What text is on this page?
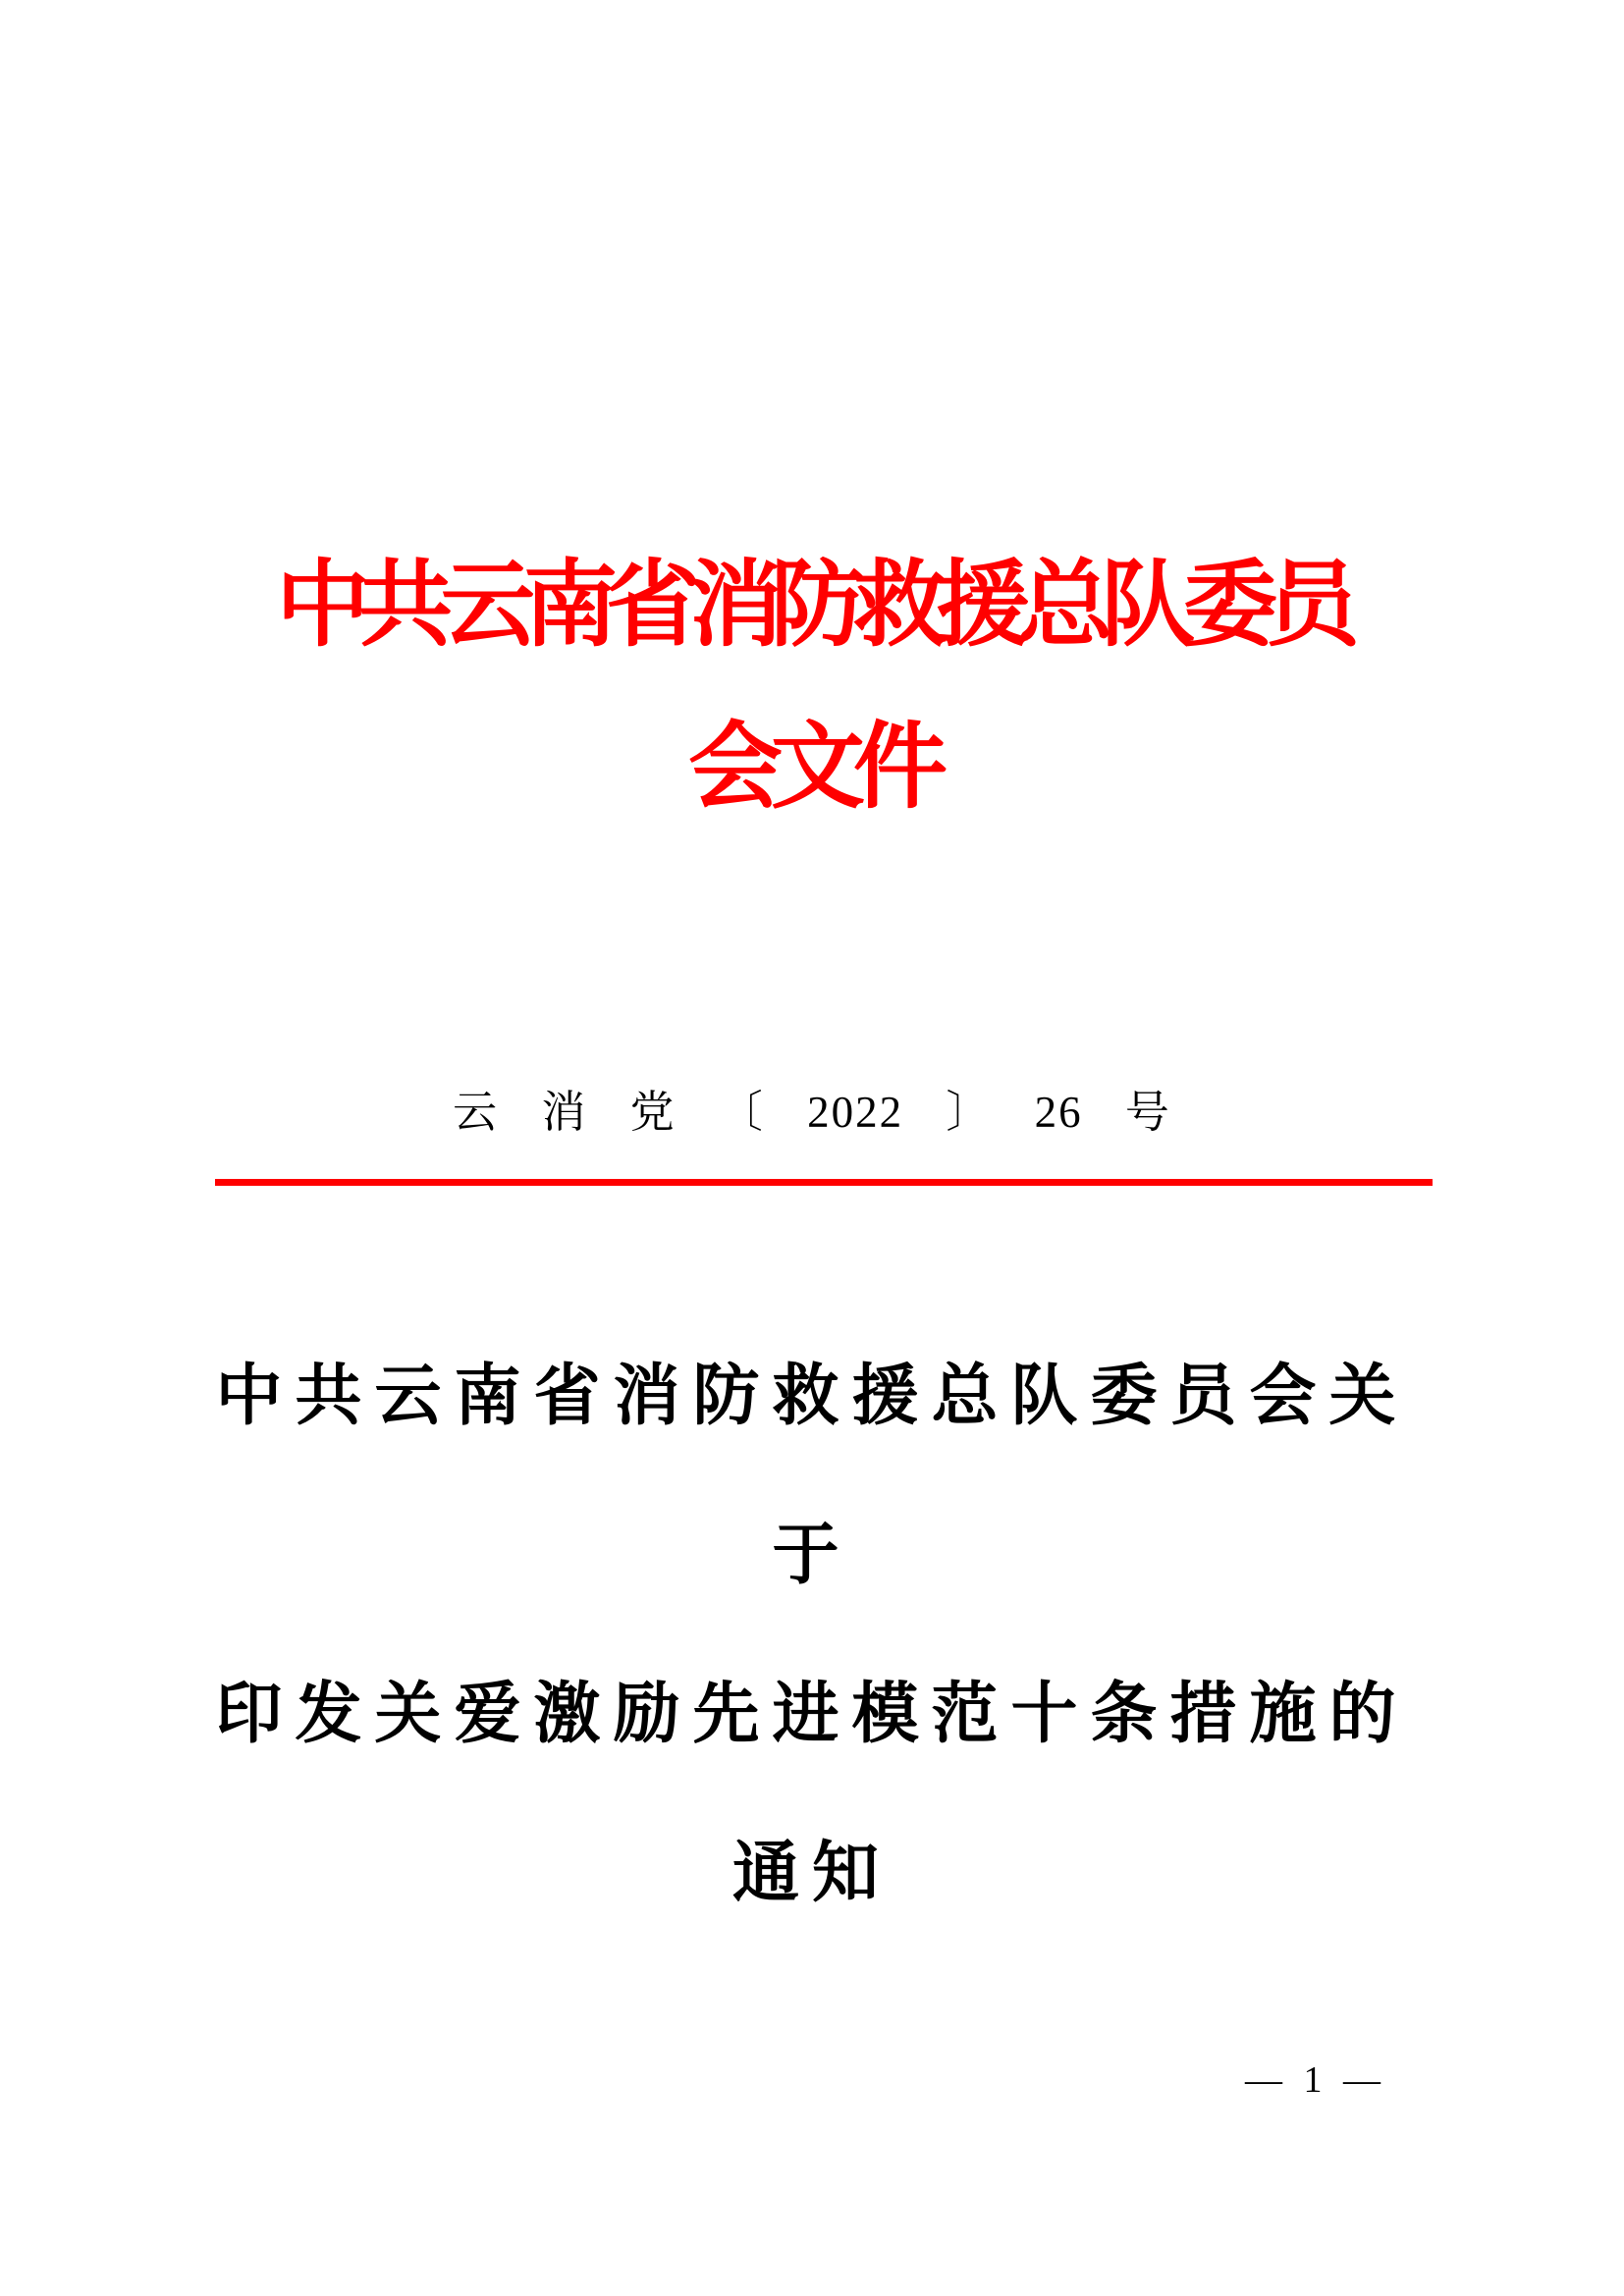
中共云南省消防救援总队委员
会文件
云 消 党 〔 2022 〕 26 号
中共云南省消防救援总队委员会关
于
印发关爱激励先进模范十条措施的
通知
— 1 —
